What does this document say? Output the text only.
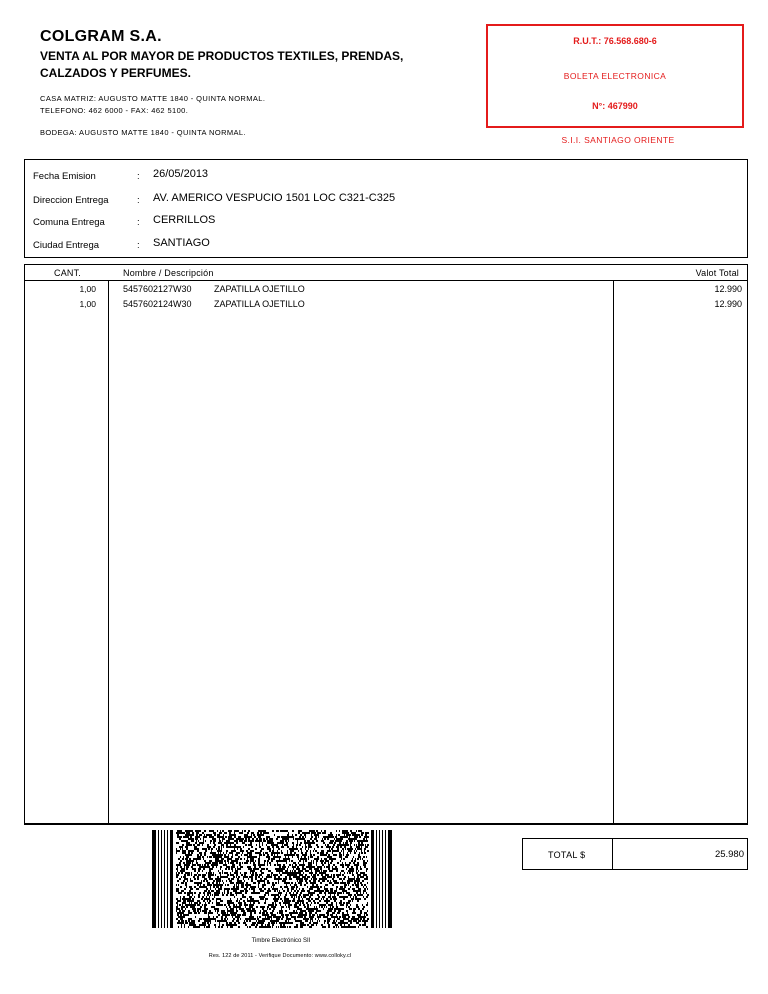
COLGRAM S.A.
VENTA AL POR MAYOR DE PRODUCTOS TEXTILES, PRENDAS,
CALZADOS Y PERFUMES.
CASA MATRIZ: AUGUSTO MATTE 1840 - QUINTA NORMAL.
TELEFONO: 462 6000 - FAX: 462 5100.
BODEGA: AUGUSTO MATTE 1840 - QUINTA NORMAL.
R.U.T.: 76.568.680-6
BOLETA ELECTRONICA
N°: 467990
S.I.I. SANTIAGO ORIENTE
Fecha Emision	: 26/05/2013
Direccion Entrega	: AV. AMERICO VESPUCIO 1501 LOC C321-C325
Comuna Entrega	: CERRILLOS
Ciudad Entrega	: SANTIAGO
CANT.	Nombre / Descripción	Valot Total
1,00	5457602127W30 ZAPATILLA OJETILLO	12.990
1,00	5457602124W30 ZAPATILLA OJETILLO	12.990
Timbre Electrónico SII
Res. 122 de 2011 - Verifique Documento: www.colloky.cl
TOTAL $	25.980
